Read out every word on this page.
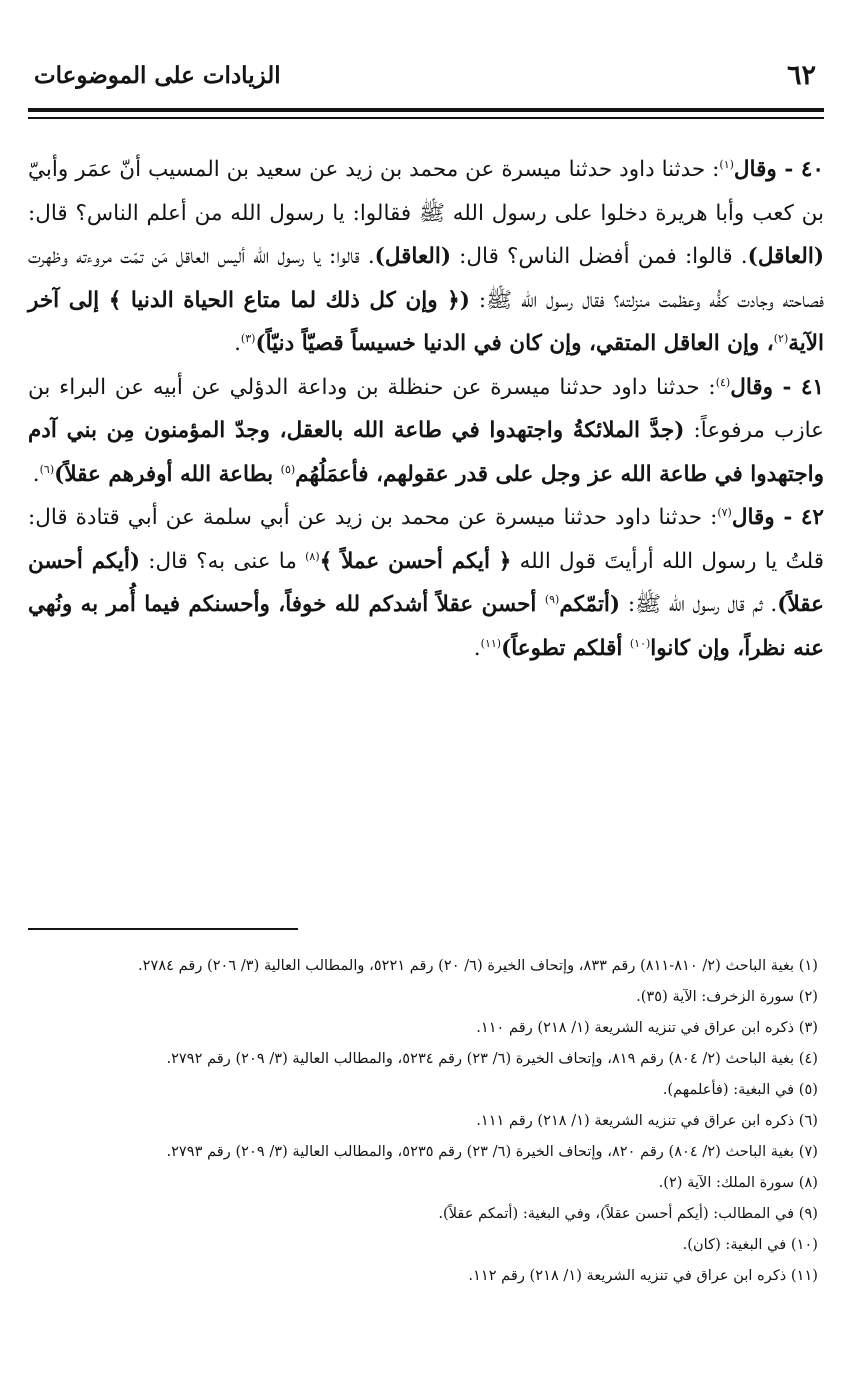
٦٢
الزيادات على الموضوعات

٤٠ - وقال$^{(١)}$: حدثنا داود حدثنا ميسرة عن محمد بن زيد عن سعيد بن المسيب أنّ عمَر وأبيّ بن كعب وأبا هريرة دخلوا على رسول الله ﷺ فقالوا: يا رسول الله من أعلم الناس؟ قال: (العاقل). قالوا: فمن أفضل الناس؟ قال: (العاقل). قالوا: يا رسول الله أليس العاقل مَن تمّت مروءته وظهرت فصاحته وجادت كفُّه وعظمت منزلته؟ فقال رسول الله ﷺ: (﴿ وإن كل ذلك لما متاع الحياة الدنيا ﴾ إلى آخر الآية$^{(٢)}$، وإن العاقل المتقي، وإن كان في الدنيا خسيساً قصيّاً دنيّاً)$^{(٣)}$.

٤١ - وقال$^{(٤)}$: حدثنا داود حدثنا ميسرة عن حنظلة بن وداعة الدؤلي عن أبيه عن البراء بن عازب مرفوعاً: (جدَّ الملائكةُ واجتهدوا في طاعة الله بالعقل، وجدّ المؤمنون مِن بني آدم واجتهدوا في طاعة الله عز وجل على قدر عقولهم، فأعمَلُهُم$^{(٥)}$ بطاعة الله أوفرهم عقلاً)$^{(٦)}$.

٤٢ - وقال$^{(٧)}$: حدثنا داود حدثنا ميسرة عن محمد بن زيد عن أبي سلمة عن أبي قتادة قال: قلتُ يا رسول الله أرأيتَ قول الله ﴿ أيكم أحسن عملاً ﴾$^{(٨)}$ ما عنى به؟ قال: (أيكم أحسن عقلاً). ثم قال رسول الله ﷺ: (أتمّكم$^{(٩)}$ أحسن عقلاً أشدكم لله خوفاً، وأحسنكم فيما أُمر به ونُهي عنه نظراً، وإن كانوا$^{(١٠)}$ أقلكم تطوعاً)$^{(١١)}$.

(١) بغية الباحث (٢/ ٨١٠-٨١١) رقم ٨٣٣، وإتحاف الخيرة (٦/ ٢٠) رقم ٥٢٢١، والمطالب العالية (٣/ ٢٠٦) رقم ٢٧٨٤.
(٢) سورة الزخرف: الآية (٣٥).
(٣) ذكره ابن عراق في تنزيه الشريعة (١/ ٢١٨) رقم ١١٠.
(٤) بغية الباحث (٢/ ٨٠٤) رقم ٨١٩، وإتحاف الخيرة (٦/ ٢٣) رقم ٥٢٣٤، والمطالب العالية (٣/ ٢٠٩) رقم ٢٧٩٢.
(٥) في البغية: (فأعلمهم).
(٦) ذكره ابن عراق في تنزيه الشريعة (١/ ٢١٨) رقم ١١١.
(٧) بغية الباحث (٢/ ٨٠٤) رقم ٨٢٠، وإتحاف الخيرة (٦/ ٢٣) رقم ٥٢٣٥، والمطالب العالية (٣/ ٢٠٩) رقم ٢٧٩٣.
(٨) سورة الملك: الآية (٢).
(٩) في المطالب: (أيكم أحسن عقلاً)، وفي البغية: (أتمكم عقلاً).
(١٠) في البغية: (كان).
(١١) ذكره ابن عراق في تنزيه الشريعة (١/ ٢١٨) رقم ١١٢.
